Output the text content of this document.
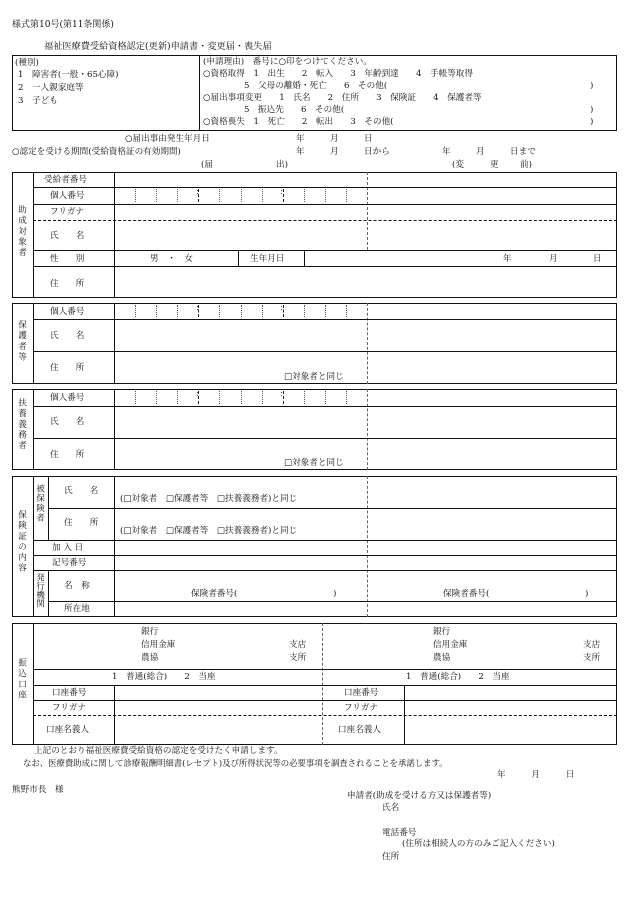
様式第10号(第11条関係)
福祉医療費受給資格認定(更新)申請書・変更届・喪失届
(種別)
1　障害者(一般・65心障)
2　一人親家庭等
3　子ども
(申請理由)　番号に○印をつけてください。
○資格取得　1　出生　　2　転入　　3　年齢到達　　4　手帳等取得
5　父母の離婚・死亡　　6　その他(	)
○届出事項変更　　1　氏名　　2　住所　　3　保険証　　4　保護者等
5　振込先　　6　その他(	)
○資格喪失　1　死亡　　2　転出　　3　その他(	)
○届出事由発生年月日	年	月	日
○認定を受ける期間(受給資格証の有効期間)	年	月	日から	年	月	日まで
(届	出)	(変	更 前)
助成対象者
受給者番号
個人番号	∶	∶
フリガナ
氏　　名
性　　別	男　・　女	生年月日	年	月	日
住　　所
保護者等
個人番号	∶	∶
氏　　名
住　　所
□対象者と同じ
扶養義務者	個人番号	∶	∶
氏　　名
住　　所
□対象者と同じ
保険証の内容
被保険者 氏　　名
(□対象者　□保護者等　□扶養義務者)と同じ
住　　所
(□対象者　□保護者等　□扶養義務者)と同じ
加 入 日
記号番号
発行機関 名　称
保険者番号(	)	保険者番号(	)
所在地
振込口座
銀行
信用金庫
農協
支店
支所
1　普通(総合)　　2　当座
口座番号
フリガナ
口座名義人
銀行
信用金庫
農協
支店
支所
1　普通(総合)　　2　当座
口座番号
フリガナ
口座名義人
上記のとおり福祉医療費受給資格の認定を受けたく申請します。
なお、医療費助成に関して診療報酬明細書(レセプト)及び所得状況等の必要事項を調査されることを承諾します。
年　　　月　　　日
熊野市長　様
申請者(助成を受ける方又は保護者等)
氏名
電話番号
(住所は相続人の方のみご記入ください)
住所
